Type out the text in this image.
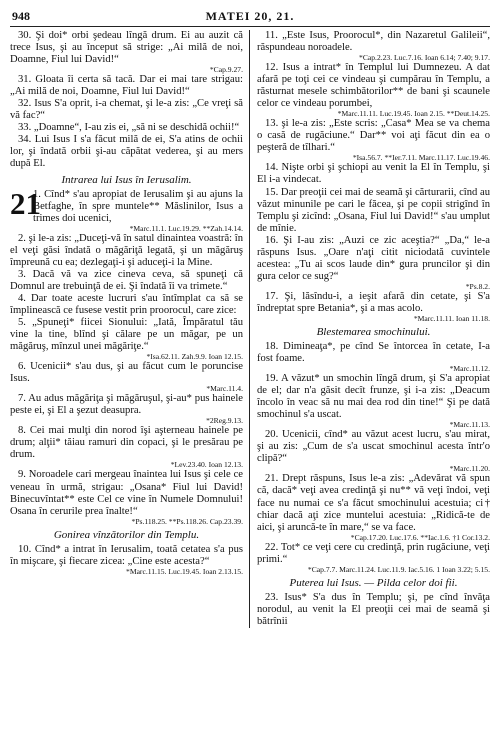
948	MATEI 20, 21.

30. Şi doi* orbi şedeau lîngă drum. Ei au auzit că trece Isus, şi au început să strige: „Ai milă de noi, Doamne, Fiul lui David!“

*Cap.9.27.

31. Gloata îi certa să tacă. Dar ei mai tare strigau: „Ai milă de noi, Doamne, Fiul lui David!“

32. Isus S'a oprit, i-a chemat, şi le-a zis: „Ce vreţi să vă fac?“

33. „Doamne“, I-au zis ei, „să ni se deschidă ochii!“

34. Lui Isus I s'a făcut milă de ei, S'a atins de ochii lor, şi îndată orbii şi-au căpătat vederea, şi au mers după El.

Intrarea lui Isus în Ierusalim.

21
1. Cînd* s'au apropiat de Ierusalim şi au ajuns la Betfaghe, în spre muntele** Măslinilor, Isus a trimes doi ucenici,

*Marc.11.1. Luc.19.29. **Zah.14.14.

2. şi le-a zis: „Duceţi-vă în satul dinaintea voastră: în el veţi găsi îndată o măgăriţă legată, şi un măgăruş împreună cu ea; dezlegaţi-i şi aduceţi-i la Mine.

3. Dacă vă va zice cineva ceva, să spuneţi că Domnul are trebuinţă de ei. Şi îndată îi va trimete.“

4. Dar toate aceste lucruri s'au întîmplat ca să se împlinească ce fusese vestit prin proorocul, care zice:

5. „Spuneţi* fiicei Sionului: „Iată, Împăratul tău vine la tine, blînd şi călare pe un măgar, pe un măgăruş, mînzul unei măgăriţe.“

*Isa.62.11. Zah.9.9. Ioan 12.15.

6. Ucenicii* s'au dus, şi au făcut cum le poruncise Isus.

*Marc.11.4.

7. Au adus măgăriţa şi măgăruşul, şi-au* pus hainele peste ei, şi El a şezut deasupra.

*2Reg.9.13.

8. Cei mai mulţi din norod îşi aşterneau hainele pe drum; alţii* tăiau ramuri din copaci, şi le presărau pe drum.

*Lev.23.40. Ioan 12.13.

9. Noroadele cari mergeau înaintea lui Isus şi cele ce veneau în urmă, strigau: „Osana* Fiul lui David! Binecuvîntat** este Cel ce vine în Numele Domnului! Osana în cerurile prea înalte!“

*Ps.118.25. **Ps.118.26. Cap.23.39.

Gonirea vînzătorilor din Templu.

10. Cînd* a intrat în Ierusalim, toată cetatea s'a pus în mişcare, şi fiecare zicea: „Cine este acesta?“

*Marc.11.15. Luc.19.45. Ioan 2.13.15.

11. „Este Isus, Proorocul*, din Nazaretul Galileii“, răspundeau noroadele.

*Cap.2.23. Luc.7.16. Ioan 6.14; 7.40; 9.17.

12. Isus a intrat* în Templul lui Dumnezeu. A dat afară pe toţi cei ce vindeau şi cumpărau în Templu, a răsturnat mesele schimbătorilor** de bani şi scaunele celor ce vindeau porumbei,

*Marc.11.11. Luc.19.45. Ioan 2.15. **Deut.14.25.

13. şi le-a zis: „Este scris: „Casa* Mea se va chema o casă de rugăciune.“ Dar** voi aţi făcut din ea o peşteră de tîlhari.“

*Isa.56.7. **Ier.7.11. Marc.11.17. Luc.19.46.

14. Nişte orbi şi şchiopi au venit la El în Templu, şi El i-a vindecat.

15. Dar preoţii cei mai de seamă şi cărturarii, cînd au văzut minunile pe cari le făcea, şi pe copii strigînd în Templu şi zicînd: „Osana, Fiul lui David!“ s'au umplut de mînie.

16. Şi I-au zis: „Auzi ce zic aceştia?“ „Da,“ le-a răspuns Isus. „Oare n'aţi citit niciodată cuvintele acestea: „Tu ai scos laude din* gura pruncilor şi din gura celor ce sug?“

*Ps.8.2.

17. Şi, lăsîndu-i, a ieşit afară din cetate, şi S'a îndreptat spre Betania*, şi a mas acolo.

*Marc.11.11. Ioan 11.18.

Blestemarea smochinului.

18. Dimineaţa*, pe cînd Se întorcea în cetate, I-a fost foame.

*Marc.11.12.

19. A văzut* un smochin lîngă drum, şi S'a apropiat de el; dar n'a găsit decît frunze, şi i-a zis: „Deacum încolo în veac să nu mai dea rod din tine!“ Şi pe dată smochinul s'a uscat.

*Marc.11.13.

20. Ucenicii, cînd* au văzut acest lucru, s'au mirat, şi au zis: „Cum de s'a uscat smochinul acesta într'o clipă?“

*Marc.11.20.

21. Drept răspuns, Isus le-a zis: „Adevărat vă spun că, dacă* veţi avea credinţă şi nu** vă veţi îndoi, veţi face nu numai ce s'a făcut smochinului acestuia; ci† chiar dacă aţi zice muntelui acestuia: „Ridică-te de aici, şi aruncă-te în mare,“ se va face.

*Cap.17.20. Luc.17.6. **Iac.1.6. †1 Cor.13.2.

22. Tot* ce veţi cere cu credinţă, prin rugăciune, veţi primi.“

*Cap.7.7. Marc.11.24. Luc.11.9. Iac.5.16. 1 Ioan 3.22; 5.15.

Puterea lui Isus. — Pilda celor doi fii.

23. Isus* S'a dus în Templu; şi, pe cînd învăţa norodul, au venit la El preoţii cei mai de seamă şi bătrînii
